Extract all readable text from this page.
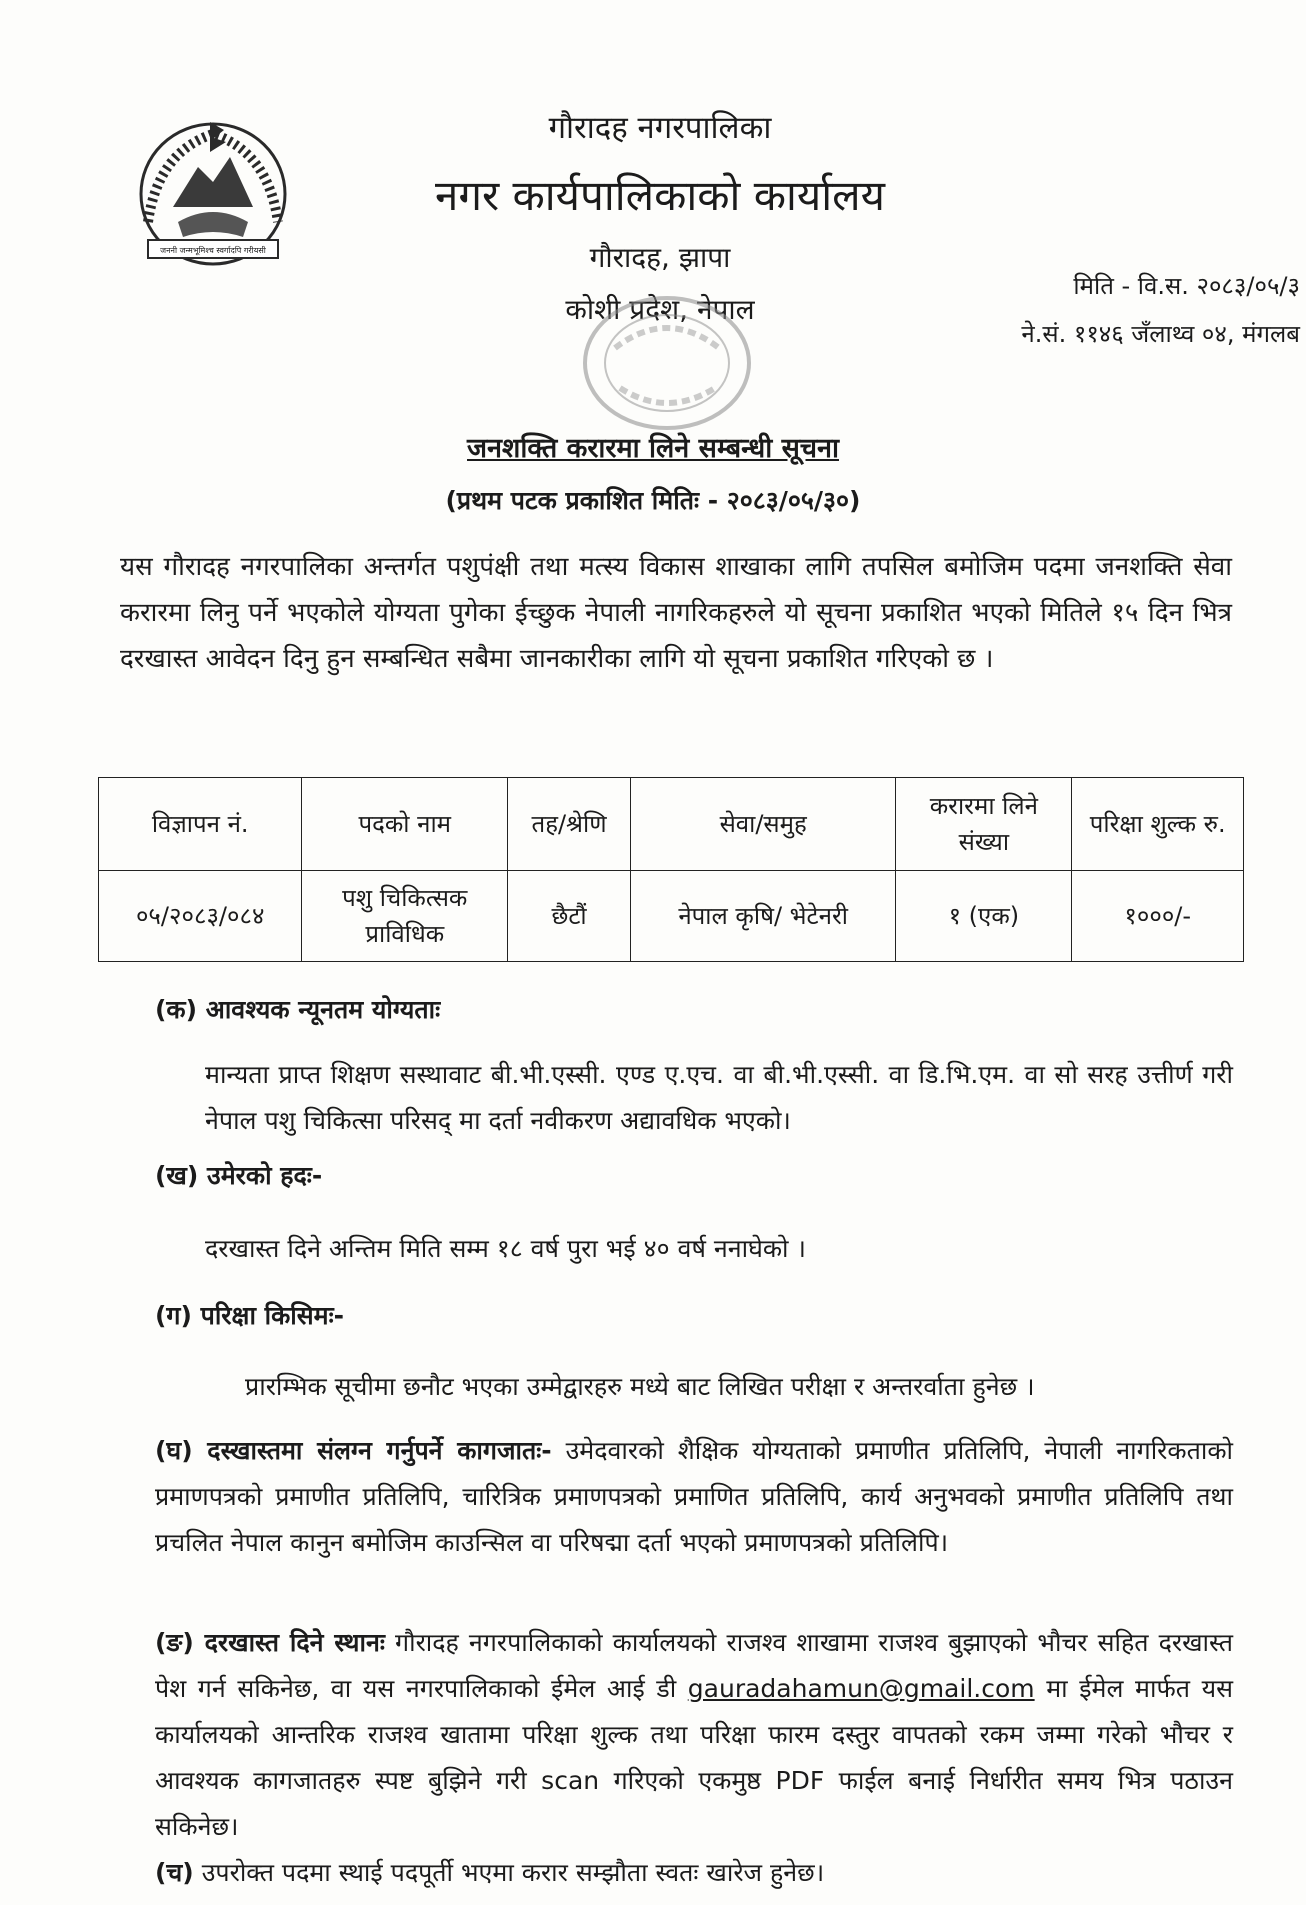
जननी जन्मभूमिश्च स्वर्गादपि गरीयसी
गौरादह नगरपालिका
नगर कार्यपालिकाको कार्यालय
गौरादह, झापा
कोशी प्रदेश, नेपाल
मिति - वि.स. २०८३/०५/३
ने.सं. ११४६ जँलाथ्व ०४, मंगलब
जनशक्ति करारमा लिने सम्बन्धी सूचना
(प्रथम पटक प्रकाशित मितिः - २०८३/०५/३०)
यस गौरादह नगरपालिका अन्तर्गत पशुपंक्षी तथा मत्स्य विकास शाखाका लागि तपसिल बमोजिम पदमा जनशक्ति सेवा करारमा लिनु पर्ने भएकोले योग्यता पुगेका ईच्छुक नेपाली नागरिकहरुले यो सूचना प्रकाशित भएको मितिले १५ दिन भित्र दरखास्त आवेदन दिनु हुन सम्बन्धित सबैमा जानकारीका लागि यो सूचना प्रकाशित गरिएको छ ।
विज्ञापन नं.	पदको नाम	तह/श्रेणि	सेवा/समुह	करारमा लिने संख्या	परिक्षा शुल्क रु.
०५/२०८३/०८४	पशु चिकित्सक प्राविधिक	छैटौं	नेपाल कृषि/ भेटेनरी	१ (एक)	१०००/-
(क) आवश्यक न्यूनतम योग्यताः
मान्यता प्राप्त शिक्षण सस्थावाट बी.भी.एस्सी. एण्ड ए.एच. वा बी.भी.एस्सी. वा डि.भि.एम. वा सो सरह उत्तीर्ण गरी नेपाल पशु चिकित्सा परिसद् मा दर्ता नवीकरण अद्यावधिक भएको।
(ख) उमेरको हदः-
दरखास्त दिने अन्तिम मिति सम्म १८ वर्ष पुरा भई ४० वर्ष ननाघेको ।
(ग) परिक्षा किसिमः-
प्रारम्भिक सूचीमा छनौट भएका उम्मेद्वारहरु मध्ये बाट लिखित परीक्षा र अन्तरर्वाता हुनेछ ।
(घ) दस्खास्तमा संलग्न गर्नुपर्ने कागजातः- उमेदवारको शैक्षिक योग्यताको प्रमाणीत प्रतिलिपि, नेपाली नागरिकताको प्रमाणपत्रको प्रमाणीत प्रतिलिपि, चारित्रिक प्रमाणपत्रको प्रमाणित प्रतिलिपि, कार्य अनुभवको प्रमाणीत प्रतिलिपि तथा प्रचलित नेपाल कानुन बमोजिम काउन्सिल वा परिषद्मा दर्ता भएको प्रमाणपत्रको प्रतिलिपि।
(ङ) दरखास्त दिने स्थानः गौरादह नगरपालिकाको कार्यालयको राजश्व शाखामा राजश्व बुझाएको भौचर सहित दरखास्त पेश गर्न सकिनेछ, वा यस नगरपालिकाको ईमेल आई डी gauradahamun@gmail.com मा ईमेल मार्फत यस कार्यालयको आन्तरिक राजश्व खातामा परिक्षा शुल्क तथा परिक्षा फारम दस्तुर वापतको रकम जम्मा गरेको भौचर र आवश्यक कागजातहरु स्पष्ट बुझिने गरी scan गरिएको एकमुष्ठ PDF फाईल बनाई निर्धारीत समय भित्र पठाउन सकिनेछ।
(च) उपरोक्त पदमा स्थाई पदपूर्ती भएमा करार सम्झौता स्वतः खारेज हुनेछ।
